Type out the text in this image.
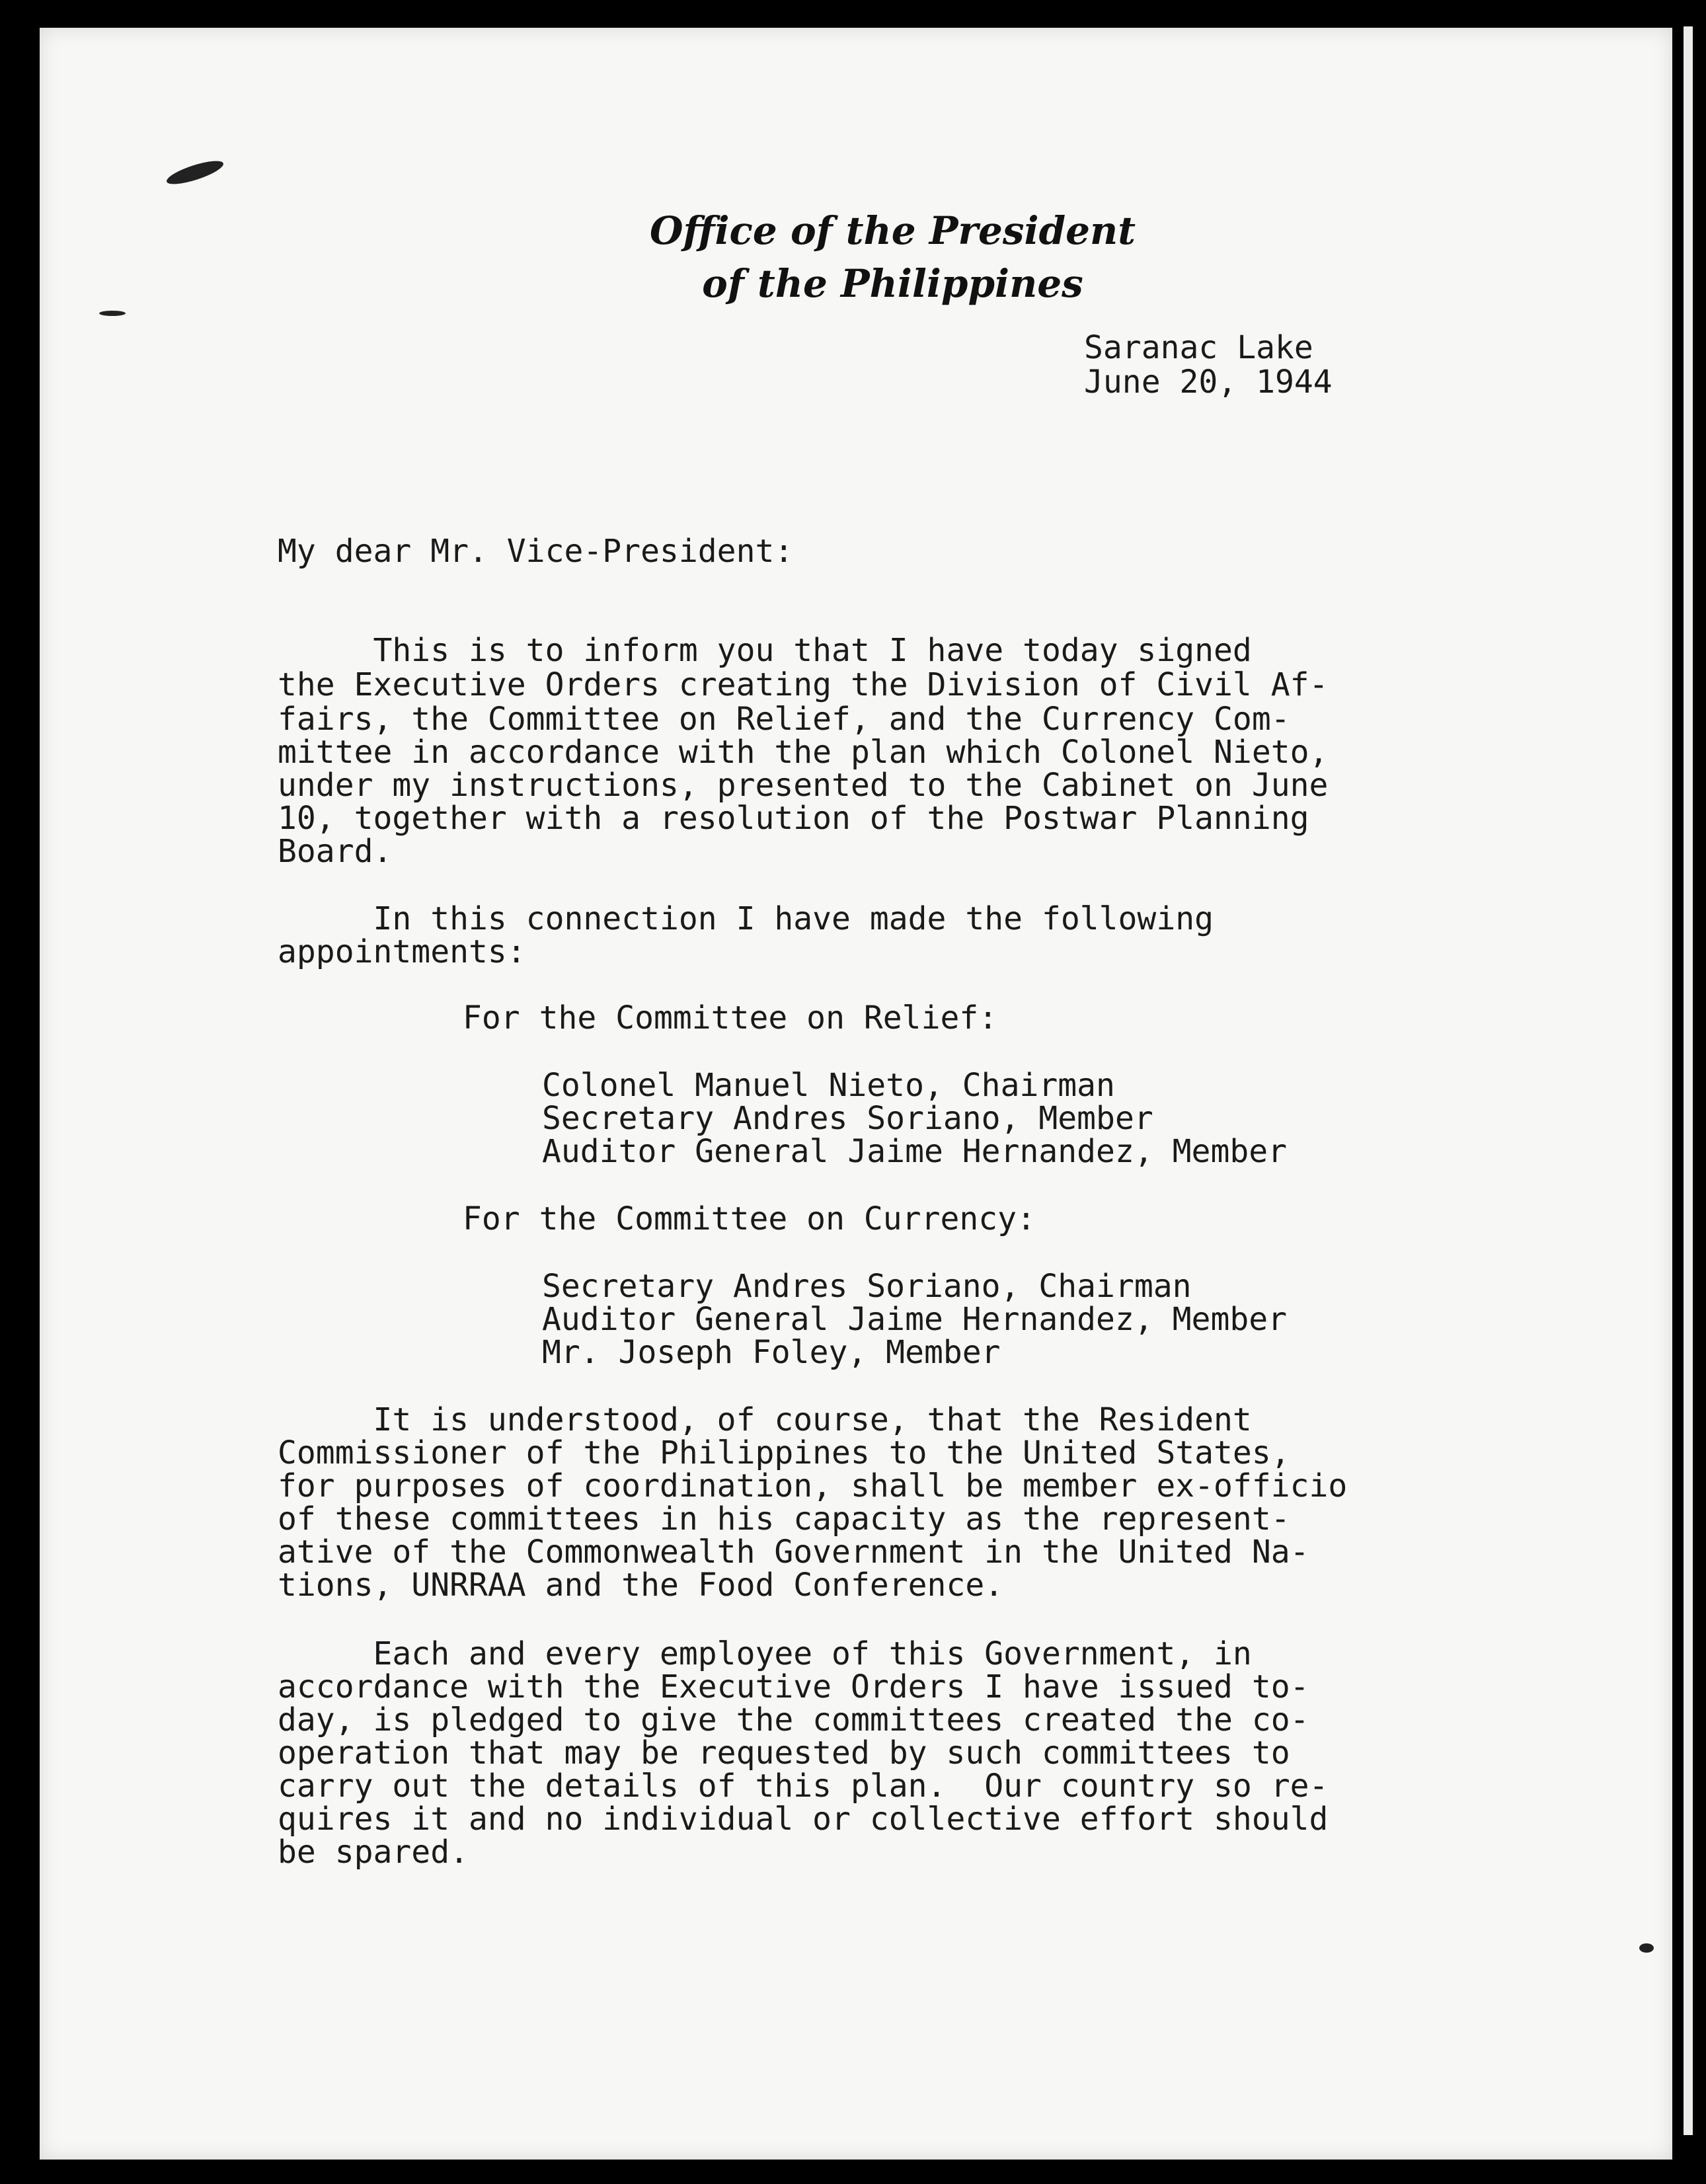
Office of the President
of the Philippines
Saranac Lake
June 20, 1944
My dear Mr. Vice-President:
This is to inform you that I have today signed
the Executive Orders creating the Division of Civil Af-
fairs, the Committee on Relief, and the Currency Com-
mittee in accordance with the plan which Colonel Nieto,
under my instructions, presented to the Cabinet on June
10, together with a resolution of the Postwar Planning
Board.
In this connection I have made the following
appointments:
For the Committee on Relief:
Colonel Manuel Nieto, Chairman
Secretary Andres Soriano, Member
Auditor General Jaime Hernandez, Member
For the Committee on Currency:
Secretary Andres Soriano, Chairman
Auditor General Jaime Hernandez, Member
Mr. Joseph Foley, Member
It is understood, of course, that the Resident
Commissioner of the Philippines to the United States,
for purposes of coordination, shall be member ex-officio
of these committees in his capacity as the represent-
ative of the Commonwealth Government in the United Na-
tions, UNRRAA and the Food Conference.
Each and every employee of this Government, in
accordance with the Executive Orders I have issued to-
day, is pledged to give the committees created the co-
operation that may be requested by such committees to
carry out the details of this plan.  Our country so re-
quires it and no individual or collective effort should
be spared.
